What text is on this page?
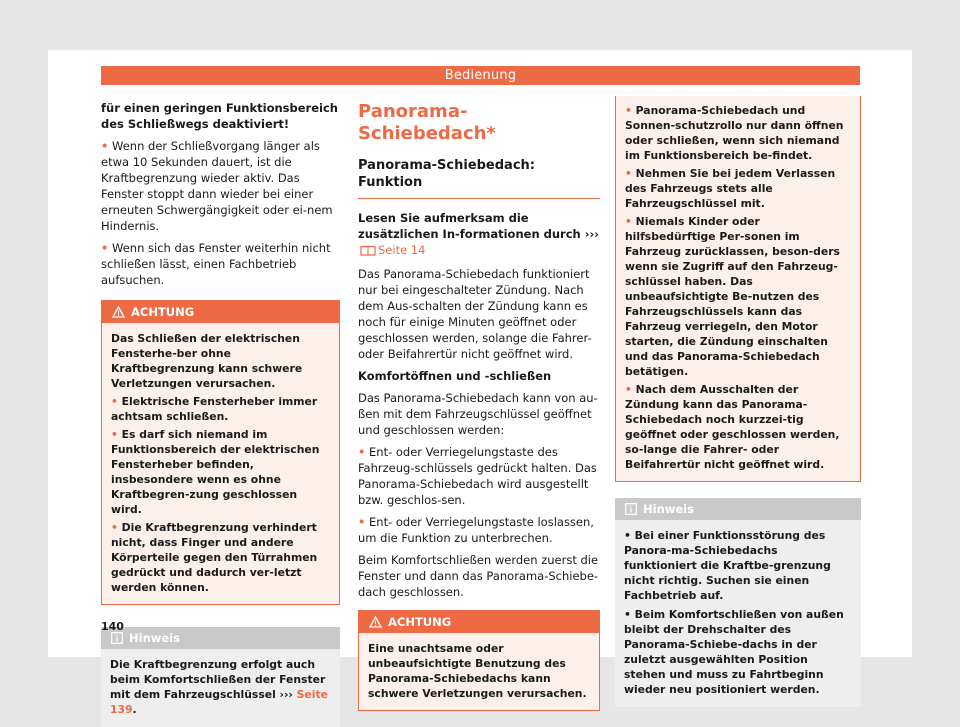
Bedienung

für einen geringen Funktionsbereich des Schließwegs deaktiviert!

• Wenn der Schließvorgang länger als etwa 10 Sekunden dauert, ist die Kraftbegrenzung wieder aktiv. Das Fenster stoppt dann wieder bei einer erneuten Schwergängigkeit oder ei-nem Hindernis.

• Wenn sich das Fenster weiterhin nicht schließen lässt, einen Fachbetrieb aufsuchen.

ACHTUNG

Das Schließen der elektrischen Fensterhe-ber ohne Kraftbegrenzung kann schwere Verletzungen verursachen.

• Elektrische Fensterheber immer achtsam schließen.

• Es darf sich niemand im Funktionsbereich der elektrischen Fensterheber befinden, insbesondere wenn es ohne Kraftbegren-zung geschlossen wird.

• Die Kraftbegrenzung verhindert nicht, dass Finger und andere Körperteile gegen den Türrahmen gedrückt und dadurch ver-letzt werden können.

Hinweis

Die Kraftbegrenzung erfolgt auch beim Komfortschließen der Fenster mit dem Fahrzeugschlüssel ››› Seite 139.

Panorama-Schiebedach*
Panorama-Schiebedach: Funktion

Lesen Sie aufmerksam die zusätzlichen In-formationen durch ››› Seite 14

Das Panorama-Schiebedach funktioniert nur bei eingeschalteter Zündung. Nach dem Aus-schalten der Zündung kann es noch für einige Minuten geöffnet oder geschlossen werden, solange die Fahrer- oder Beifahrertür nicht geöffnet wird.

Komfortöffnen und -schließen

Das Panorama-Schiebedach kann von au-ßen mit dem Fahrzeugschlüssel geöffnet und geschlossen werden:

• Ent- oder Verriegelungstaste des Fahrzeug-schlüssels gedrückt halten. Das Panorama-Schiebedach wird ausgestellt bzw. geschlos-sen.

• Ent- oder Verriegelungstaste loslassen, um die Funktion zu unterbrechen.

Beim Komfortschließen werden zuerst die Fenster und dann das Panorama-Schiebe-dach geschlossen.

ACHTUNG

Eine unachtsame oder unbeaufsichtigte Benutzung des Panorama-Schiebedachs kann schwere Verletzungen verursachen.

• Panorama-Schiebedach und Sonnen-schutzrollo nur dann öffnen oder schließen, wenn sich niemand im Funktionsbereich be-findet.

• Nehmen Sie bei jedem Verlassen des Fahrzeugs stets alle Fahrzeugschlüssel mit.

• Niemals Kinder oder hilfsbedürftige Per-sonen im Fahrzeug zurücklassen, beson-ders wenn sie Zugriff auf den Fahrzeug-schlüssel haben. Das unbeaufsichtigte Be-nutzen des Fahrzeugschlüssels kann das Fahrzeug verriegeln, den Motor starten, die Zündung einschalten und das Panorama-Schiebedach betätigen.

• Nach dem Ausschalten der Zündung kann das Panorama-Schiebedach noch kurzzei-tig geöffnet oder geschlossen werden, so-lange die Fahrer- oder Beifahrertür nicht geöffnet wird.

Hinweis

• Bei einer Funktionsstörung des Panora-ma-Schiebedachs funktioniert die Kraftbe-grenzung nicht richtig. Suchen sie einen Fachbetrieb auf.

• Beim Komfortschließen von außen bleibt der Drehschalter des Panorama-Schiebe-dachs in der zuletzt ausgewählten Position stehen und muss zu Fahrtbeginn wieder neu positioniert werden.

140
